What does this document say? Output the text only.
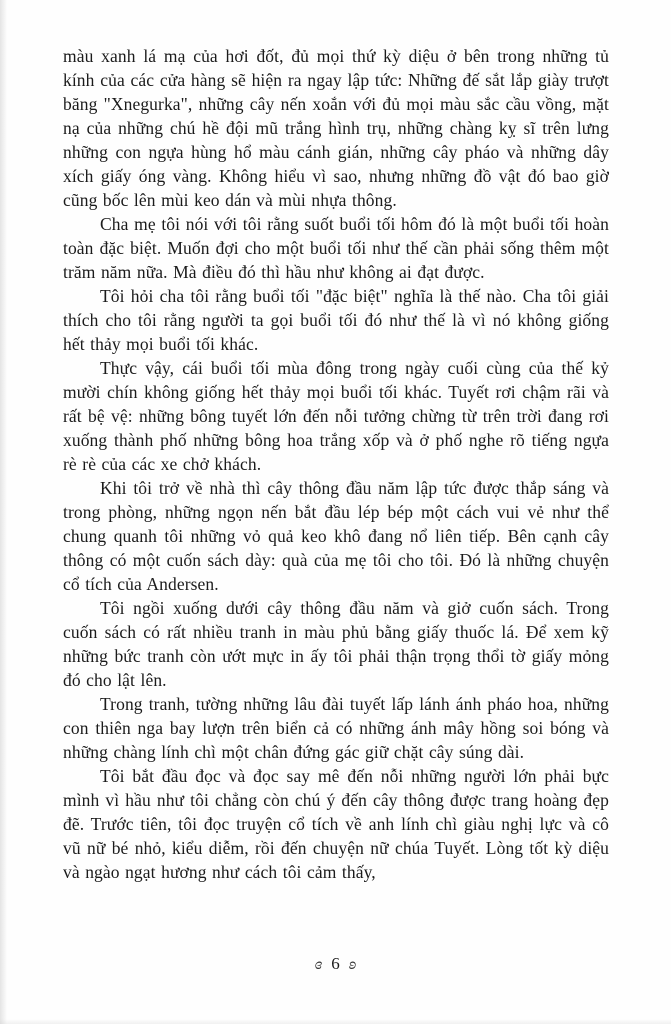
màu xanh lá mạ của hơi đốt, đủ mọi thứ kỳ diệu ở bên trong những tủ kính của các cửa hàng sẽ hiện ra ngay lập tức: Những đế sắt lắp giày trượt băng "Xnegurka", những cây nến xoắn với đủ mọi màu sắc cầu vồng, mặt nạ của những chú hề đội mũ trắng hình trụ, những chàng kỵ sĩ trên lưng những con ngựa hùng hổ màu cánh gián, những cây pháo và những dây xích giấy óng vàng. Không hiểu vì sao, nhưng những đồ vật đó bao giờ cũng bốc lên mùi keo dán và mùi nhựa thông.

Cha mẹ tôi nói với tôi rằng suốt buổi tối hôm đó là một buổi tối hoàn toàn đặc biệt. Muốn đợi cho một buổi tối như thế cần phải sống thêm một trăm năm nữa. Mà điều đó thì hầu như không ai đạt được.

Tôi hỏi cha tôi rằng buổi tối "đặc biệt" nghĩa là thế nào. Cha tôi giải thích cho tôi rằng người ta gọi buổi tối đó như thế là vì nó không giống hết thảy mọi buổi tối khác.

Thực vậy, cái buổi tối mùa đông trong ngày cuối cùng của thế kỷ mười chín không giống hết thảy mọi buổi tối khác. Tuyết rơi chậm rãi và rất bệ vệ: những bông tuyết lớn đến nỗi tưởng chừng từ trên trời đang rơi xuống thành phố những bông hoa trắng xốp và ở phố nghe rõ tiếng ngựa rè rè của các xe chở khách.

Khi tôi trở về nhà thì cây thông đầu năm lập tức được thắp sáng và trong phòng, những ngọn nến bắt đầu lép bép một cách vui vẻ như thể chung quanh tôi những vỏ quả keo khô đang nổ liên tiếp. Bên cạnh cây thông có một cuốn sách dày: quà của mẹ tôi cho tôi. Đó là những chuyện cổ tích của Andersen.

Tôi ngồi xuống dưới cây thông đầu năm và giở cuốn sách. Trong cuốn sách có rất nhiều tranh in màu phủ bằng giấy thuốc lá. Để xem kỹ những bức tranh còn ướt mực in ấy tôi phải thận trọng thổi tờ giấy mỏng đó cho lật lên.

Trong tranh, tường những lâu đài tuyết lấp lánh ánh pháo hoa, những con thiên nga bay lượn trên biển cả có những ánh mây hồng soi bóng và những chàng lính chì một chân đứng gác giữ chặt cây súng dài.

Tôi bắt đầu đọc và đọc say mê đến nỗi những người lớn phải bực mình vì hầu như tôi chẳng còn chú ý đến cây thông được trang hoàng đẹp đẽ. Trước tiên, tôi đọc truyện cổ tích về anh lính chì giàu nghị lực và cô vũ nữ bé nhỏ, kiểu diễm, rồi đến chuyện nữ chúa Tuyết. Lòng tốt kỳ diệu và ngào ngạt hương như cách tôi cảm thấy,

ɞ 6 ʚ
